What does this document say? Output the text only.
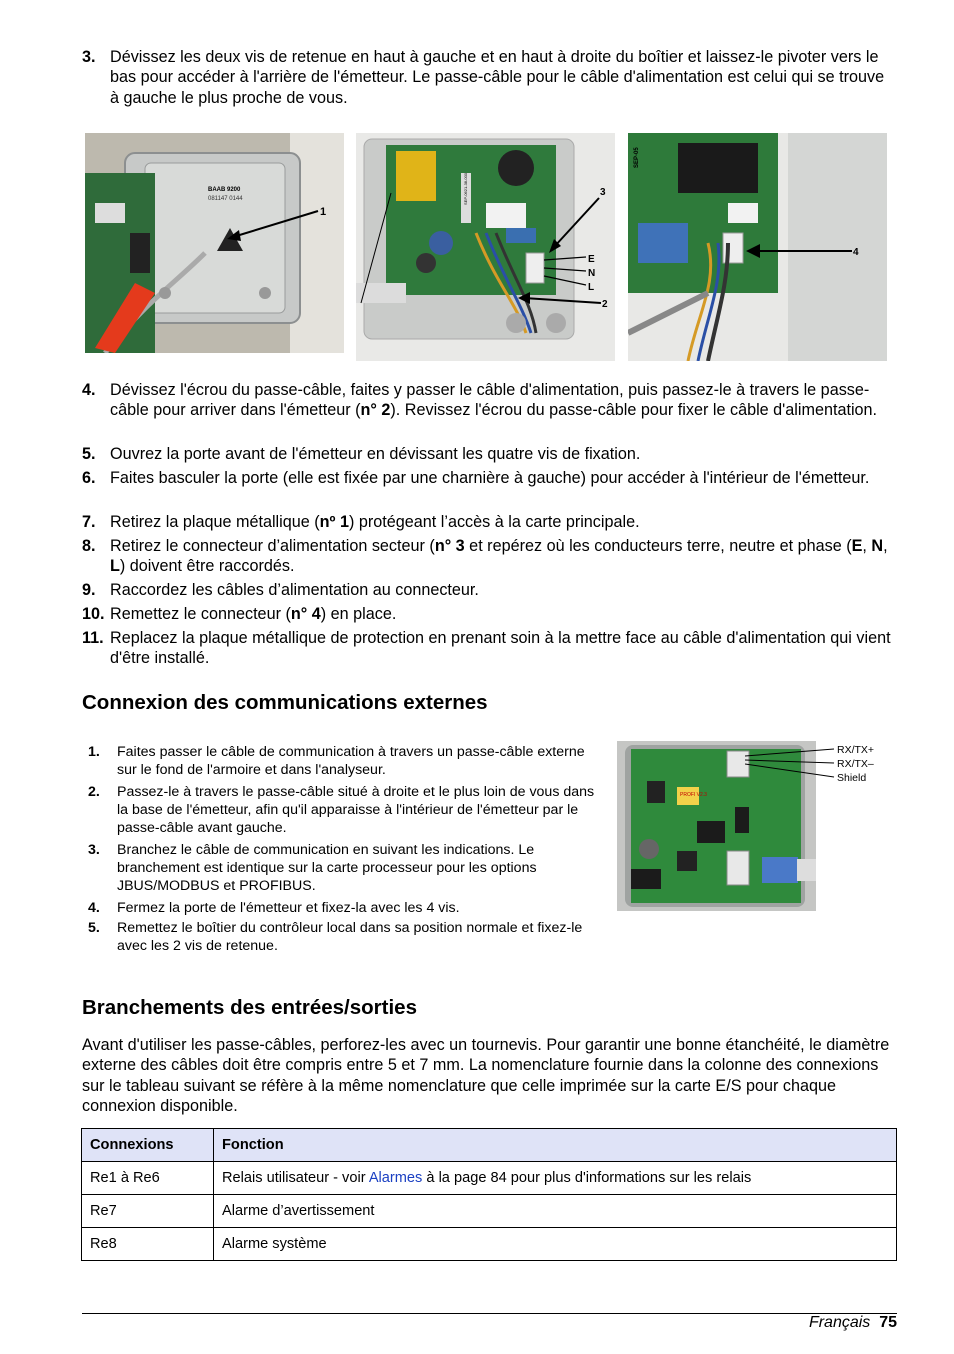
3. Dévissez les deux vis de retenue en haut à gauche et en haut à droite du boîtier et laissez-le pivoter vers le bas pour accéder à l'arrière de l'émetteur. Le passe-câble pour le câble d'alimentation est celui qui se trouve à gauche le plus proche de vous.
BAAB 9200
081147 0144
1
SEP-0621-38-000	3
E
N
L
2
SEP-05
4
4. Dévissez l'écrou du passe-câble, faites y passer le câble d'alimentation, puis passez-le à travers le passe-câble pour arriver dans l'émetteur (n° 2). Revissez l'écrou du passe-câble pour fixer le câble d'alimentation.
5. Ouvrez la porte avant de l'émetteur en dévissant les quatre vis de fixation.
6. Faites basculer la porte (elle est fixée par une charnière à gauche) pour accéder à l'intérieur de l'émetteur.
7. Retirez la plaque métallique (nº 1) protégeant l’accès à la carte principale.
8. Retirez le connecteur d’alimentation secteur (n° 3 et repérez où les conducteurs terre, neutre et phase (E, N, L) doivent être raccordés.
9. Raccordez les câbles d’alimentation au connecteur.
10. Remettez le connecteur (n° 4) en place.
11. Replacez la plaque métallique de protection en prenant soin à la mettre face au câble d'alimentation qui vient d'être installé.
Connexion des communications externes
1. Faites passer le câble de communication à travers un passe-câble externe sur le fond de l'armoire et dans l'analyseur.
2. Passez-le à travers le passe-câble situé à droite et le plus loin de vous dans la base de l'émetteur, afin qu'il apparaisse à l'intérieur de l'émetteur par le passe-câble avant gauche.
3. Branchez le câble de communication en suivant les indications. Le branchement est identique sur la carte processeur pour les options JBUS/MODBUS et PROFIBUS.
4. Fermez la porte de l'émetteur et fixez-la avec les 4 vis.
5. Remettez le boîtier du contrôleur local dans sa position normale et fixez-le avec les 2 vis de retenue.
PROFI V2.3
RX/TX+
RX/TX–
Shield
Branchements des entrées/sorties
Avant d'utiliser les passe-câbles, perforez-les avec un tournevis. Pour garantir une bonne étanchéité, le diamètre externe des câbles doit être compris entre 5 et 7 mm. La nomenclature fournie dans la colonne des connexions sur le tableau suivant se réfère à la même nomenclature que celle imprimée sur la carte E/S pour chaque connexion disponible.
Connexions	Fonction
Re1 à Re6	Relais utilisateur - voir Alarmes à la page 84 pour plus d'informations sur les relais
Re7	Alarme d’avertissement
Re8	Alarme système
Français 75
